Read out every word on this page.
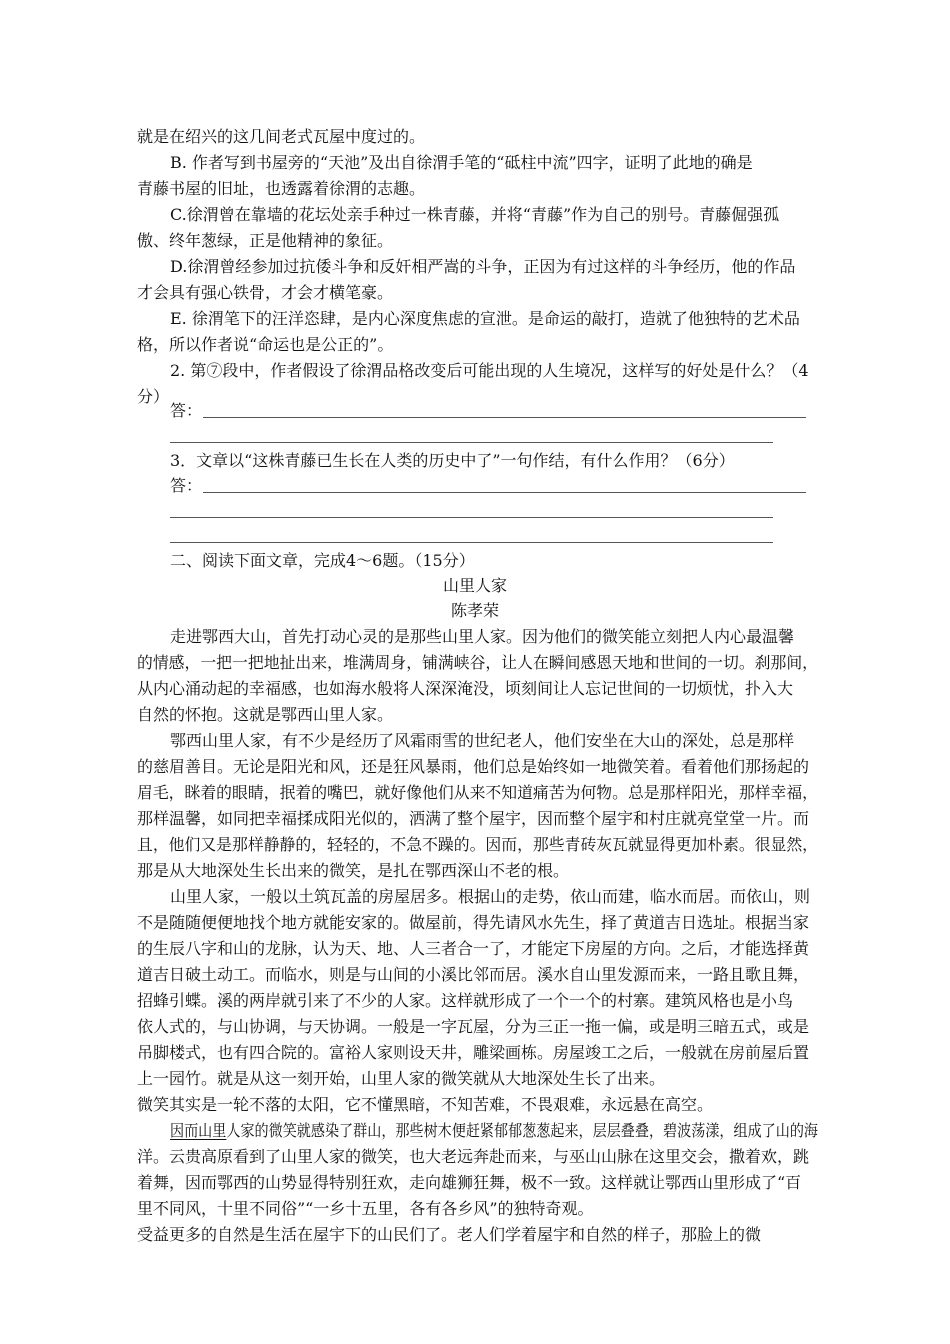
就是在绍兴的这几间老式瓦屋中度过的。
B. 作者写到书屋旁的“天池”及出自徐渭手笔的“砥柱中流”四字，证明了此地的确是
青藤书屋的旧址，也透露着徐渭的志趣。
C.徐渭曾在靠墙的花坛处亲手种过一株青藤，并将“青藤”作为自己的别号。青藤倔强孤
傲、终年葱绿，正是他精神的象征。
D.徐渭曾经参加过抗倭斗争和反奸相严嵩的斗争，正因为有过这样的斗争经历，他的作品
才会具有强心铁骨，才会才横笔豪。
E. 徐渭笔下的汪洋恣肆，是内心深度焦虑的宣泄。是命运的敲打，造就了他独特的艺术品
格，所以作者说“命运也是公正的”。
2. 第⑦段中，作者假设了徐渭品格改变后可能出现的人生境况，这样写的好处是什么？（4
分）
答：
3．文章以“这株青藤已生长在人类的历史中了”一句作结，有什么作用？（6分）
答：
二、阅读下面文章，完成4～6题。（15分）
山里人家
陈孝荣
走进鄂西大山，首先打动心灵的是那些山里人家。因为他们的微笑能立刻把人内心最温馨
的情感，一把一把地扯出来，堆满周身，铺满峡谷，让人在瞬间感恩天地和世间的一切。刹那间，
从内心涌动起的幸福感，也如海水般将人深深淹没，顷刻间让人忘记世间的一切烦忧，扑入大
自然的怀抱。这就是鄂西山里人家。
鄂西山里人家，有不少是经历了风霜雨雪的世纪老人，他们安坐在大山的深处，总是那样
的慈眉善目。无论是阳光和风，还是狂风暴雨，他们总是始终如一地微笑着。看着他们那扬起的
眉毛，眯着的眼睛，抿着的嘴巴，就好像他们从来不知道痛苦为何物。总是那样阳光，那样幸福，
那样温馨，如同把幸福揉成阳光似的，洒满了整个屋宇，因而整个屋宇和村庄就亮堂堂一片。而
且，他们又是那样静静的，轻轻的，不急不躁的。因而，那些青砖灰瓦就显得更加朴素。很显然，
那是从大地深处生长出来的微笑，是扎在鄂西深山不老的根。
山里人家，一般以土筑瓦盖的房屋居多。根据山的走势，依山而建，临水而居。而依山，则
不是随随便便地找个地方就能安家的。做屋前，得先请风水先生，择了黄道吉日选址。根据当家
的生辰八字和山的龙脉，认为天、地、人三者合一了，才能定下房屋的方向。之后，才能选择黄
道吉日破土动工。而临水，则是与山间的小溪比邻而居。溪水自山里发源而来，一路且歌且舞，
招蜂引蝶。溪的两岸就引来了不少的人家。这样就形成了一个一个的村寨。建筑风格也是小鸟
依人式的，与山协调，与天协调。一般是一字瓦屋，分为三正一拖一偏，或是明三暗五式，或是
吊脚楼式，也有四合院的。富裕人家则设天井，雕梁画栋。房屋竣工之后，一般就在房前屋后置
上一园竹。就是从这一刻开始，山里人家的微笑就从大地深处生长了出来。
微笑其实是一轮不落的太阳，它不懂黑暗，不知苦难，不畏艰难，永远悬在高空。
因而山里人家的微笑就感染了群山，那些树木便赶紧郁郁葱葱起来，层层叠叠，碧波荡漾，组成了山的海
洋。云贵高原看到了山里人家的微笑，也大老远奔赴而来，与巫山山脉在这里交会，撒着欢，跳
着舞，因而鄂西的山势显得特别狂欢，走向雄狮狂舞，极不一致。这样就让鄂西山里形成了“百
里不同风，十里不同俗”“一乡十五里，各有各乡风”的独特奇观。
受益更多的自然是生活在屋宇下的山民们了。老人们学着屋宇和自然的样子，那脸上的微
